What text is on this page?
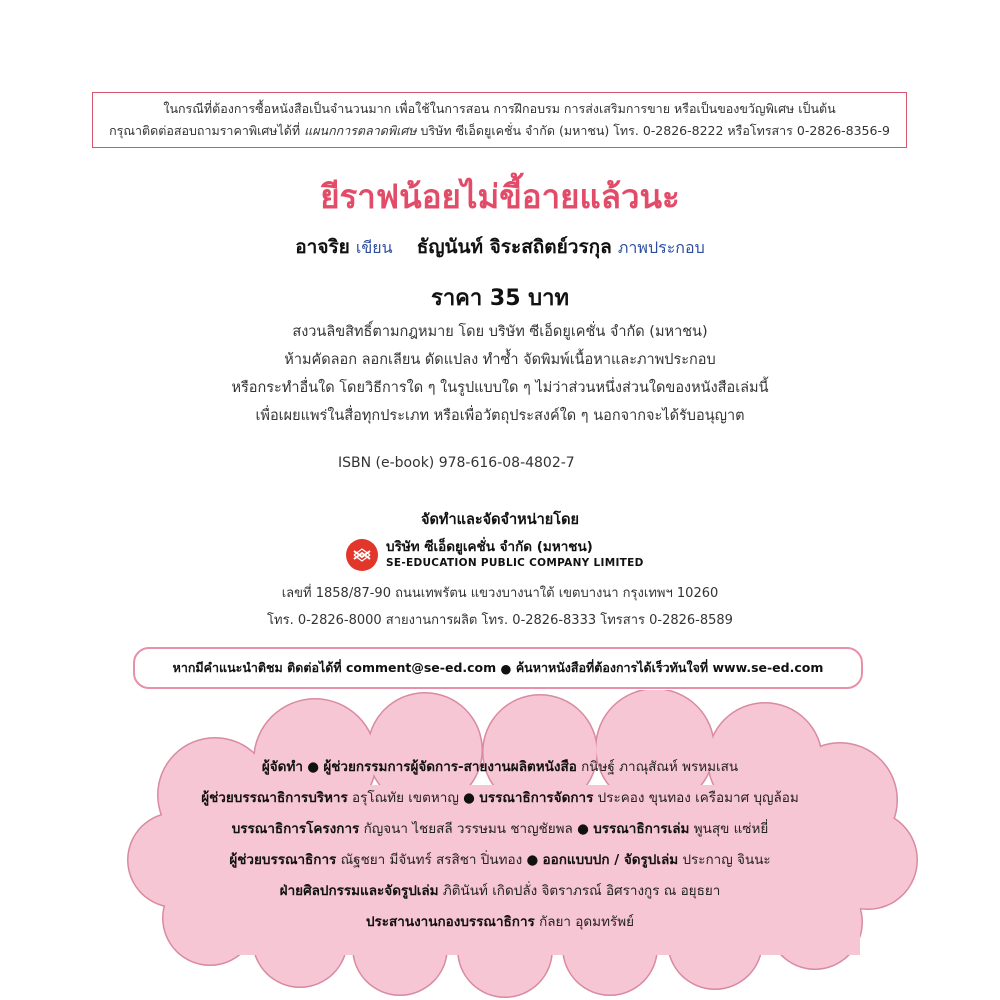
ในกรณีที่ต้องการซื้อหนังสือเป็นจำนวนมาก เพื่อใช้ในการสอน การฝึกอบรม การส่งเสริมการขาย หรือเป็นของขวัญพิเศษ เป็นต้น
กรุณาติดต่อสอบถามราคาพิเศษได้ที่ แผนกการตลาดพิเศษ บริษัท ซีเอ็ดยูเคชั่น จำกัด (มหาชน) โทร. 0-2826-8222 หรือโทรสาร 0-2826-8356-9
ยีราฟน้อยไม่ขี้อายแล้วนะ
อาจริย เขียน ธัญนันท์ จิระสถิตย์วรกุล ภาพประกอบ
ราคา 35 บาท
สงวนลิขสิทธิ์ตามกฎหมาย โดย บริษัท ซีเอ็ดยูเคชั่น จำกัด (มหาชน)
ห้ามคัดลอก ลอกเลียน ดัดแปลง ทำซ้ำ จัดพิมพ์เนื้อหาและภาพประกอบ
หรือกระทำอื่นใด โดยวิธีการใด ๆ ในรูปแบบใด ๆ ไม่ว่าส่วนหนึ่งส่วนใดของหนังสือเล่มนี้
เพื่อเผยแพร่ในสื่อทุกประเภท หรือเพื่อวัตถุประสงค์ใด ๆ นอกจากจะได้รับอนุญาต
ISBN (e-book) 978-616-08-4802-7
จัดทำและจัดจำหน่ายโดย
บริษัท ซีเอ็ดยูเคชั่น จำกัด (มหาชน)
SE-EDUCATION PUBLIC COMPANY LIMITED
เลขที่ 1858/87-90 ถนนเทพรัตน แขวงบางนาใต้ เขตบางนา กรุงเทพฯ 10260
โทร. 0-2826-8000 สายงานการผลิต โทร. 0-2826-8333 โทรสาร 0-2826-8589
หากมีคำแนะนำติชม ติดต่อได้ที่ comment@se-ed.com
●
ค้นหาหนังสือที่ต้องการได้เร็วทันใจที่ www.se-ed.com
ผู้จัดทำ ● ผู้ช่วยกรรมการผู้จัดการ-สายงานผลิตหนังสือ กนิษฐ์ ภาณุสัณห์ พรหมเสน
ผู้ช่วยบรรณาธิการบริหาร อรุโณทัย เขตหาญ ● บรรณาธิการจัดการ ประคอง ขุนทอง เครือมาศ บุญล้อม
บรรณาธิการโครงการ กัญจนา ไชยสลี วรรษมน ชาญชัยพล ● บรรณาธิการเล่ม พูนสุข แซ่หยี่
ผู้ช่วยบรรณาธิการ ณัฐชยา มีจันทร์ สรสิชา ปิ่นทอง ● ออกแบบปก / จัดรูปเล่ม ประกาญ จินนะ
ฝ่ายศิลปกรรมและจัดรูปเล่ม ภิตินันท์ เกิดปลั่ง จิตราภรณ์ อิศรางกูร ณ อยุธยา
ประสานงานกองบรรณาธิการ กัลยา อุดมทรัพย์
